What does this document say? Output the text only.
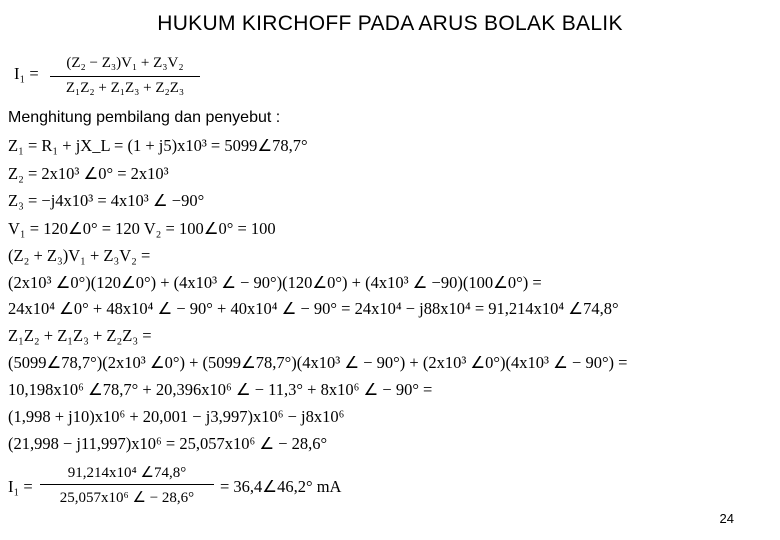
HUKUM KIRCHOFF PADA ARUS BOLAK BALIK
I₁ =
(Z₂ − Z₃)V₁ + Z₃V₂
Z₁Z₂ + Z₁Z₃ + Z₂Z₃
Menghitung pembilang dan penyebut :
Z₁ = R₁ + jX_L = (1 + j5)x10³ = 5099∠78,7°
Z₂ = 2x10³ ∠0° = 2x10³
Z₃ = −j4x10³ = 4x10³ ∠ −90°
V₁ = 120∠0° = 120 V₂ = 100∠0° = 100
(Z₂ + Z₃)V₁ + Z₃V₂ =
(2x10³ ∠0°)(120∠0°) + (4x10³ ∠ − 90°)(120∠0°) + (4x10³ ∠ −90)(100∠0°) =
24x10⁴ ∠0° + 48x10⁴ ∠ − 90° + 40x10⁴ ∠ − 90° = 24x10⁴ − j88x10⁴ = 91,214x10⁴ ∠74,8°
Z₁Z₂ + Z₁Z₃ + Z₂Z₃ =
(5099∠78,7°)(2x10³ ∠0°) + (5099∠78,7°)(4x10³ ∠ − 90°) + (2x10³ ∠0°)(4x10³ ∠ − 90°) =
10,198x10⁶ ∠78,7° + 20,396x10⁶ ∠ − 11,3° + 8x10⁶ ∠ − 90° =
(1,998 + j10)x10⁶ + 20,001 − j3,997)x10⁶ − j8x10⁶
(21,998 − j11,997)x10⁶ = 25,057x10⁶ ∠ − 28,6°
I₁ =
91,214x10⁴ ∠74,8°
25,057x10⁶ ∠ − 28,6°
= 36,4∠46,2° mA
24
